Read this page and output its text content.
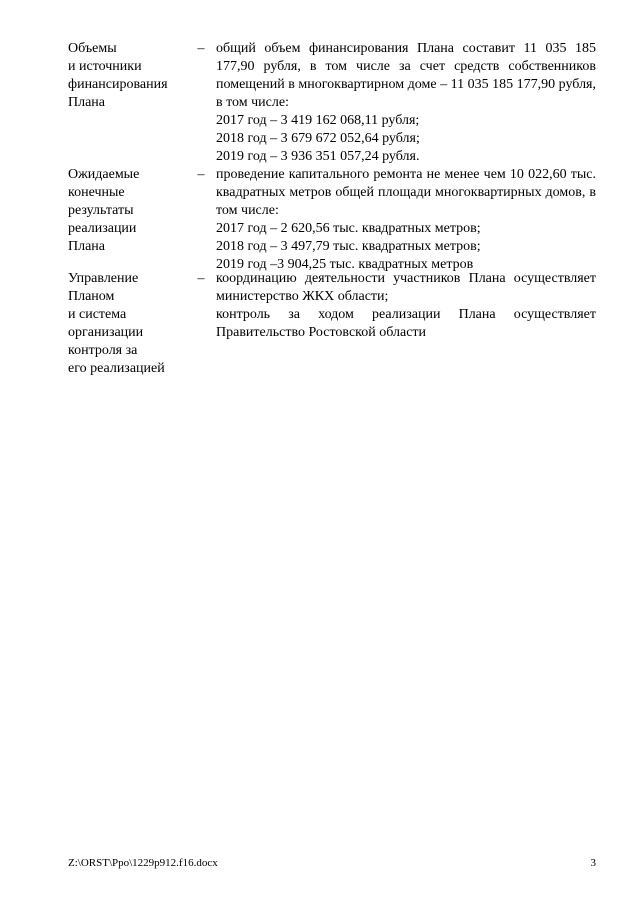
Объемы
и источники
финансирования
Плана
– общий объем финансирования Плана составит 11 035 185 177,90 рубля, в том числе за счет средств собственников помещений в многоквартирном доме – 11 035 185 177,90 рубля, в том числе:

2017 год – 3 419 162 068,11 рубля;

2018 год – 3 679 672 052,64 рубля;

2019 год – 3 936 351 057,24 рубля.

Ожидаемые
конечные
результаты
реализации
Плана
– проведение капитального ремонта не менее чем 10 022,60 тыс. квадратных метров общей площади многоквартирных домов, в том числе:

2017 год – 2 620,56 тыс. квадратных метров;

2018 год – 3 497,79 тыс. квадратных метров;

2019 год –3 904,25 тыс. квадратных метров

Управление
Планом
и система
организации
контроля за
его реализацией
– координацию деятельности участников Плана осуществляет министерство ЖКХ области;

контроль за ходом реализации Плана осуществляет Правительство Ростовской области

Z:\ORST\Ppo\1229p912.f16.docx	3
